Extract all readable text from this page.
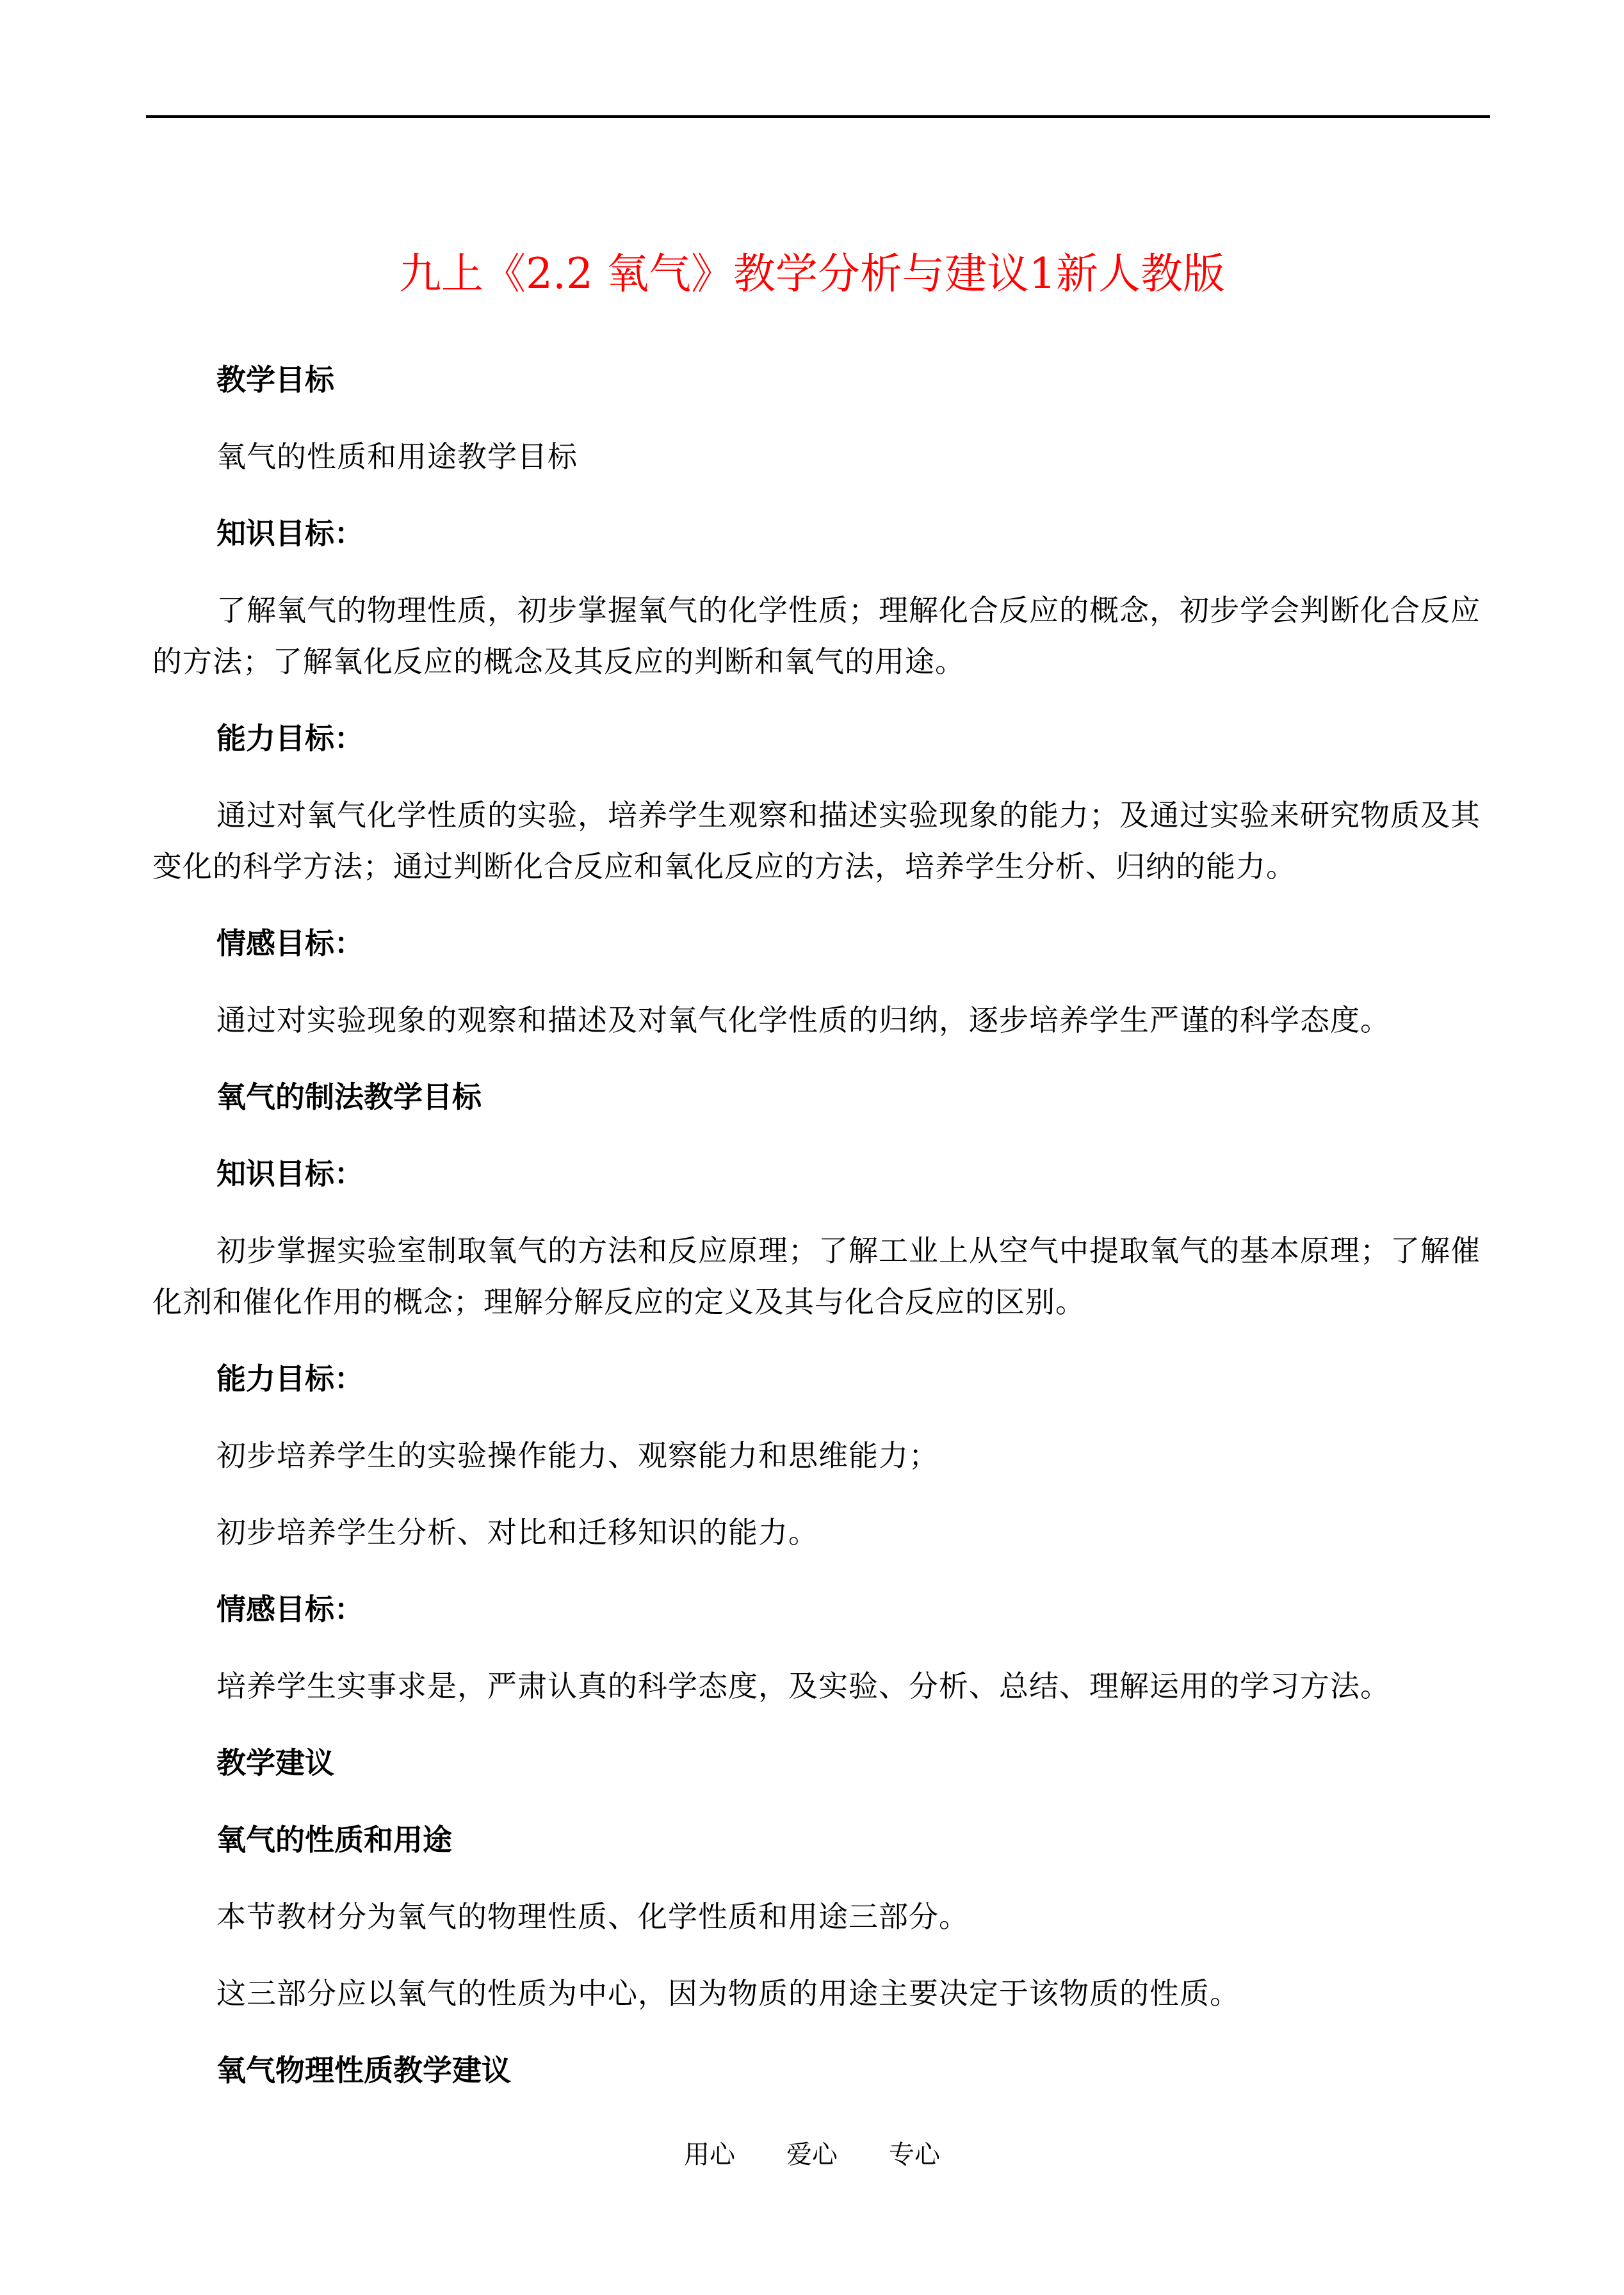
九上《2.2 氧气》教学分析与建议1新人教版
教学目标
氧气的性质和用途教学目标
知识目标：
了解氧气的物理性质，初步掌握氧气的化学性质；理解化合反应的概念，初步学会判断化合反应的方法；了解氧化反应的概念及其反应的判断和氧气的用途。
能力目标：
通过对氧气化学性质的实验，培养学生观察和描述实验现象的能力；及通过实验来研究物质及其变化的科学方法；通过判断化合反应和氧化反应的方法，培养学生分析、归纳的能力。
情感目标：
通过对实验现象的观察和描述及对氧气化学性质的归纳，逐步培养学生严谨的科学态度。
氧气的制法教学目标
知识目标：
初步掌握实验室制取氧气的方法和反应原理；了解工业上从空气中提取氧气的基本原理；了解催化剂和催化作用的概念；理解分解反应的定义及其与化合反应的区别。
能力目标：
初步培养学生的实验操作能力、观察能力和思维能力；
初步培养学生分析、对比和迁移知识的能力。
情感目标：
培养学生实事求是，严肃认真的科学态度，及实验、分析、总结、理解运用的学习方法。
教学建议
氧气的性质和用途
本节教材分为氧气的物理性质、化学性质和用途三部分。
这三部分应以氧气的性质为中心，因为物质的用途主要决定于该物质的性质。
氧气物理性质教学建议
用心　　爱心　　专心
